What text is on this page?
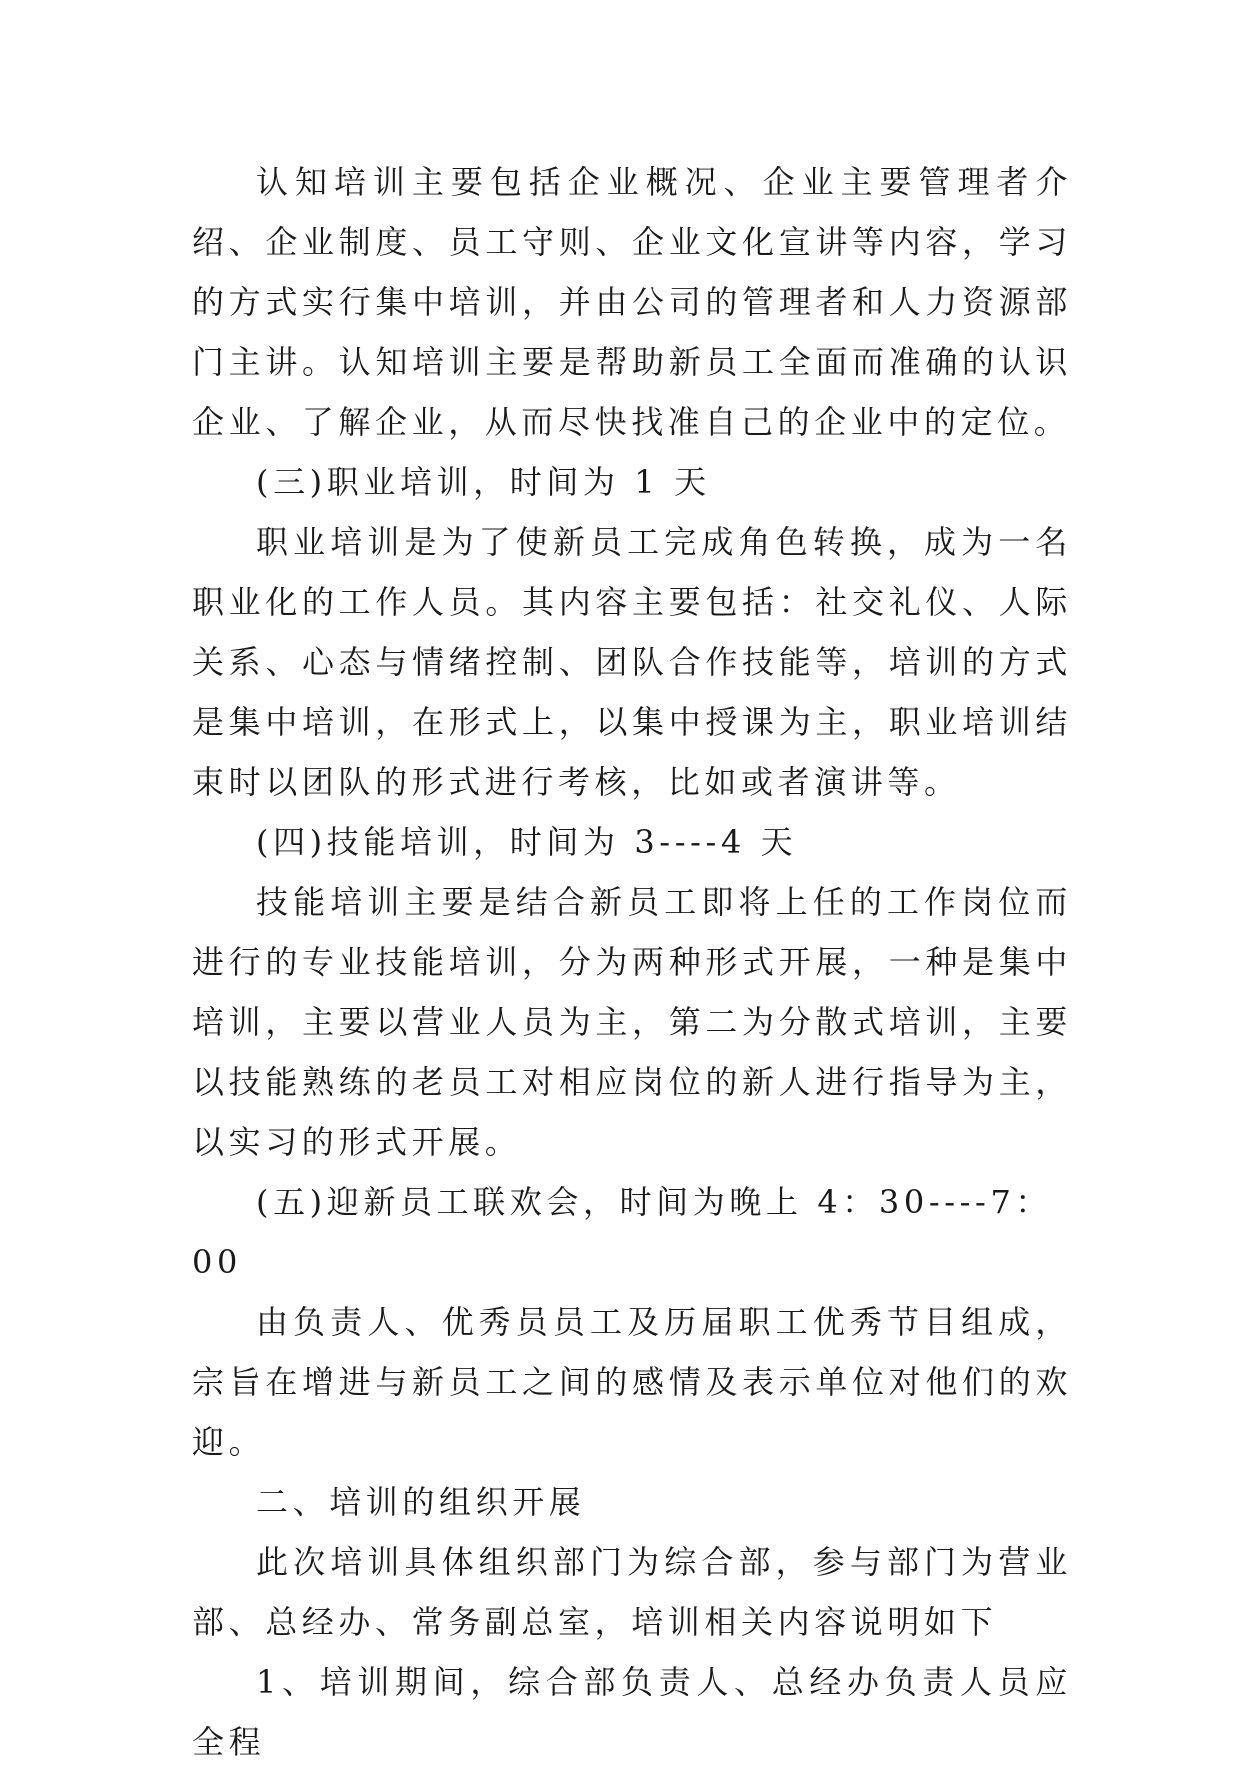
认知培训主要包括企业概况、企业主要管理者介绍、企业制度、员工守则、企业文化宣讲等内容，学习的方式实行集中培训，并由公司的管理者和人力资源部门主讲。认知培训主要是帮助新员工全面而准确的认识企业、了解企业，从而尽快找准自己的企业中的定位。

(三)职业培训，时间为 1 天

职业培训是为了使新员工完成角色转换，成为一名职业化的工作人员。其内容主要包括：社交礼仪、人际关系、心态与情绪控制、团队合作技能等，培训的方式是集中培训，在形式上，以集中授课为主，职业培训结束时以团队的形式进行考核，比如或者演讲等。

(四)技能培训，时间为 3----4 天

技能培训主要是结合新员工即将上任的工作岗位而进行的专业技能培训，分为两种形式开展，一种是集中培训，主要以营业人员为主，第二为分散式培训，主要以技能熟练的老员工对相应岗位的新人进行指导为主，以实习的形式开展。

(五)迎新员工联欢会，时间为晚上 4：30----7：00

由负责人、优秀员员工及历届职工优秀节目组成，宗旨在增进与新员工之间的感情及表示单位对他们的欢迎。

二、培训的组织开展

此次培训具体组织部门为综合部，参与部门为营业部、总经办、常务副总室，培训相关内容说明如下

1、培训期间，综合部负责人、总经办负责人员应全程
